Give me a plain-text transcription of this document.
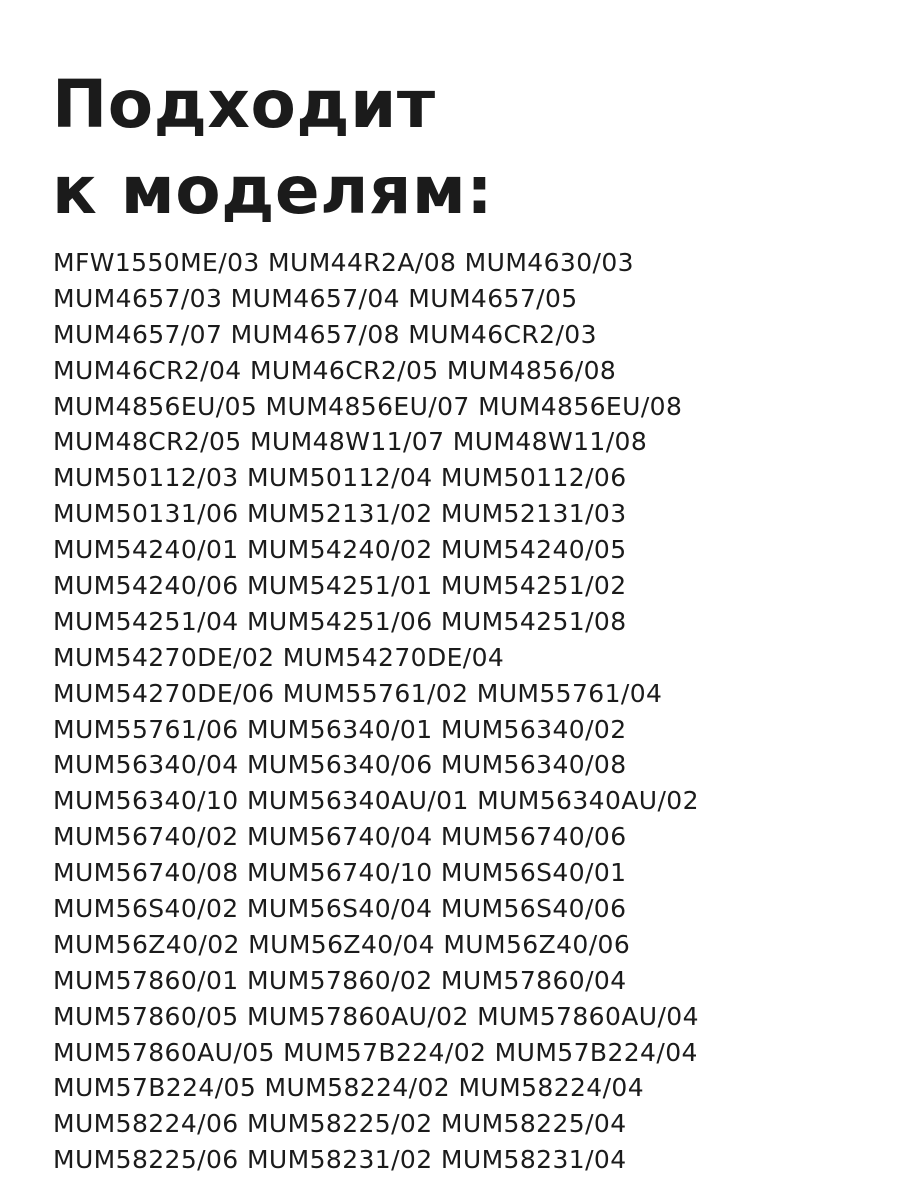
Подходит
к моделям:
MFW1550ME/03 MUM44R2A/08 MUM4630/03
MUM4657/03 MUM4657/04 MUM4657/05
MUM4657/07 MUM4657/08 MUM46CR2/03
MUM46CR2/04 MUM46CR2/05 MUM4856/08
MUM4856EU/05 MUM4856EU/07 MUM4856EU/08
MUM48CR2/05 MUM48W11/07 MUM48W11/08
MUM50112/03 MUM50112/04 MUM50112/06
MUM50131/06 MUM52131/02 MUM52131/03
MUM54240/01 MUM54240/02 MUM54240/05
MUM54240/06 MUM54251/01 MUM54251/02
MUM54251/04 MUM54251/06 MUM54251/08
MUM54270DE/02 MUM54270DE/04
MUM54270DE/06 MUM55761/02 MUM55761/04
MUM55761/06 MUM56340/01 MUM56340/02
MUM56340/04 MUM56340/06 MUM56340/08
MUM56340/10 MUM56340AU/01 MUM56340AU/02
MUM56740/02 MUM56740/04 MUM56740/06
MUM56740/08 MUM56740/10 MUM56S40/01
MUM56S40/02 MUM56S40/04 MUM56S40/06
MUM56Z40/02 MUM56Z40/04 MUM56Z40/06
MUM57860/01 MUM57860/02 MUM57860/04
MUM57860/05 MUM57860AU/02 MUM57860AU/04
MUM57860AU/05 MUM57B224/02 MUM57B224/04
MUM57B224/05 MUM58224/02 MUM58224/04
MUM58224/06 MUM58225/02 MUM58225/04
MUM58225/06 MUM58231/02 MUM58231/04
